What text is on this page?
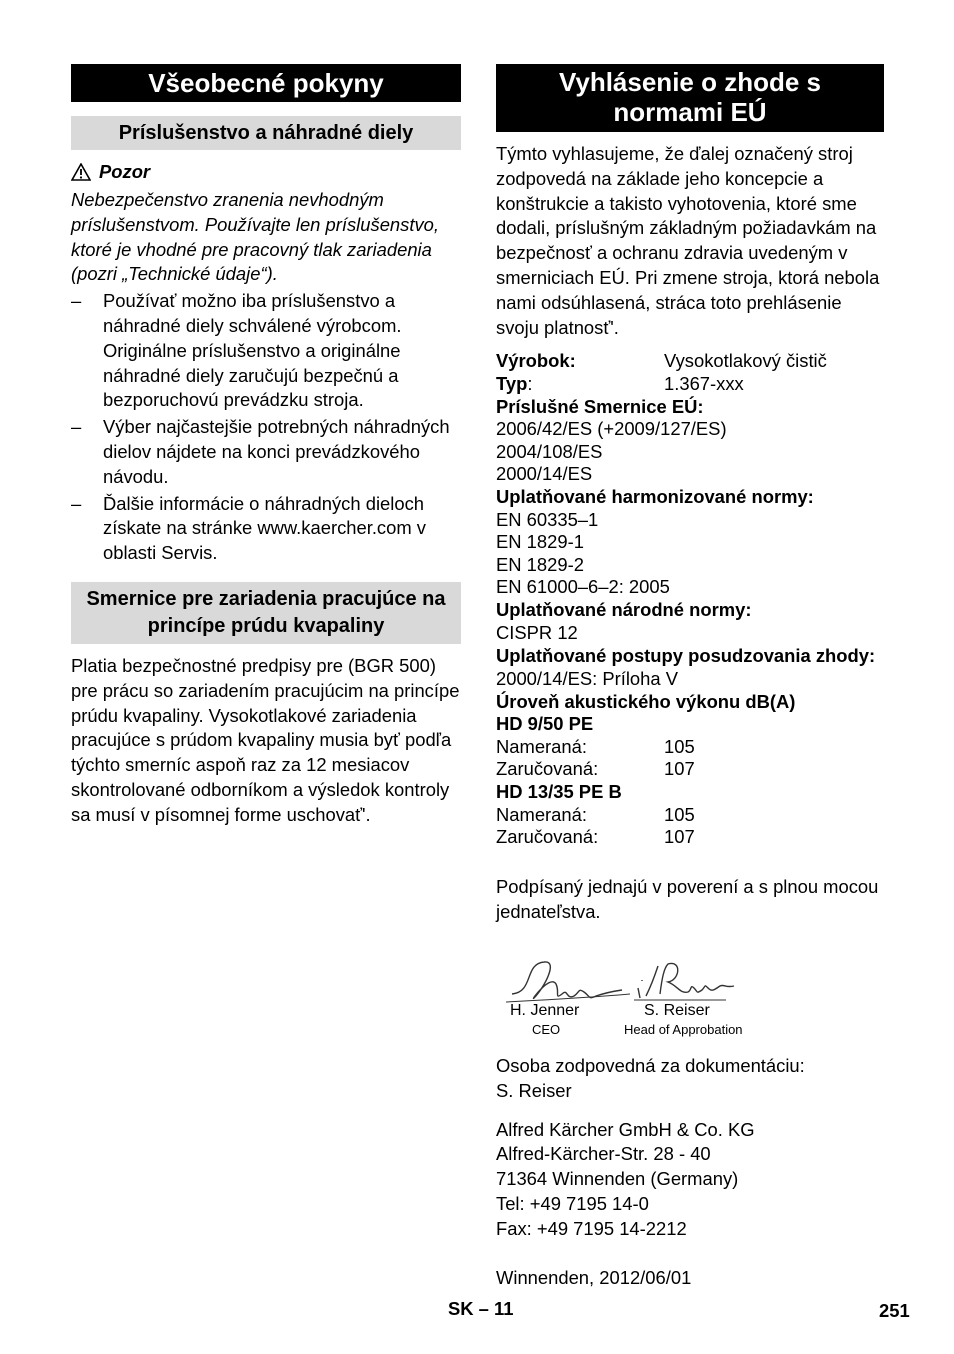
Všeobecné pokyny
Príslušenstvo a náhradné diely
Pozor
Nebezpečenstvo zranenia nevhodným príslušenstvom. Používajte len príslušenstvo, ktoré je vhodné pre pracovný tlak zariadenia (pozri „Technické údaje“).
– Používať možno iba príslušenstvo a náhradné diely schválené výrobcom. Originálne príslušenstvo a originálne náhradné diely zaručujú bezpečnú a bezporuchovú prevádzku stroja.
– Výber najčastejšie potrebných náhradných dielov nájdete na konci prevádzkového návodu.
– Ďalšie informácie o náhradných dieloch získate na stránke www.kaercher.com v oblasti Servis.
Smernice pre zariadenia pracujúce na princípe prúdu kvapaliny
Platia bezpečnostné predpisy pre (BGR 500) pre prácu so zariadením pracujúcim na princípe prúdu kvapaliny. Vysokotlakové zariadenia pracujúce s prúdom kvapaliny musia byť podľa týchto smerníc aspoň raz za 12 mesiacov skontrolované odborníkom a výsledok kontroly sa musí v písomnej forme uschovať'.
Vyhlásenie o zhode s normami EÚ
Týmto vyhlasujeme, že ďalej označený stroj zodpovedá na základe jeho koncepcie a konštrukcie a takisto vyhotovenia, ktoré sme dodali, príslušným základným požiadavkám na bezpečnosť a ochranu zdravia uvedeným v smerniciach EÚ. Pri zmene stroja, ktorá nebola nami odsúhlasená, stráca toto prehlásenie svoju platnosť'.
Výrobok:	Vysokotlakový čistič
Typ:	1.367-xxx
Príslušné Smernice EÚ:
2006/42/ES (+2009/127/ES)
2004/108/ES
2000/14/ES
Uplatňované harmonizované normy:
EN 60335–1
EN 1829-1
EN 1829-2
EN 61000–6–2: 2005
Uplatňované národné normy:
CISPR 12
Uplatňované postupy posudzovania zhody:
2000/14/ES: Príloha V
Úroveň akustického výkonu dB(A)
HD 9/50 PE
Nameraná:	105
Zaručovaná:	107
HD 13/35 PE B
Nameraná:	105
Zaručovaná:	107
Podpísaný jednajú v poverení a s plnou mocou jednateľstva.
H. Jenner
CEO
S. Reiser
Head of Approbation
Osoba zodpovedná za dokumentáciu:
S. Reiser
Alfred Kärcher GmbH & Co. KG
Alfred-Kärcher-Str. 28 - 40
71364 Winnenden (Germany)
Tel: +49 7195 14-0
Fax: +49 7195 14-2212
Winnenden, 2012/06/01
SK – 11	251
